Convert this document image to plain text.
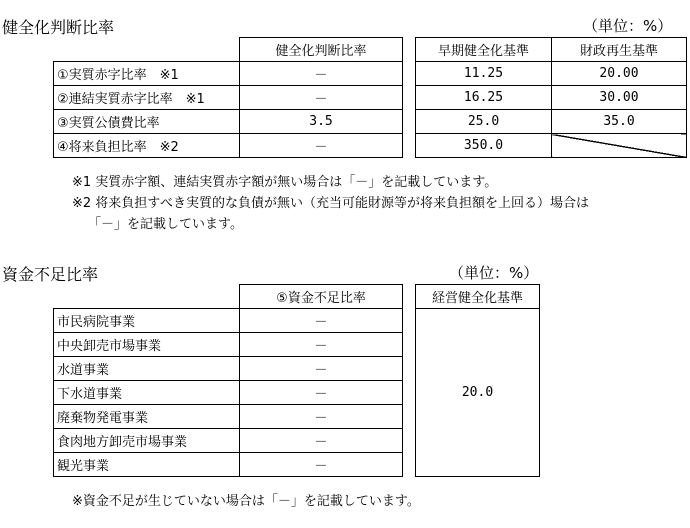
健全化判断比率	（単位：%）
	健全化判断比率		早期健全化基準	財政再生基準
①実質赤字比率　※1	－		11.25	20.00
②連結実質赤字比率　※1	－		16.25	30.00
③実質公債費比率	3.5		25.0	35.0
④将来負担比率　※2	－		350.0	
※1 実質赤字額、連結実質赤字額が無い場合は「－」を記載しています。
※2 将来負担すべき実質的な負債が無い（充当可能財源等が将来負担額を上回る）場合は
「－」を記載しています。
資金不足比率	（単位：%）
	⑤資金不足比率		経営健全化基準
市民病院事業	－		20.0
中央卸売市場事業	－		
水道事業	－		
下水道事業	－		
廃棄物発電事業	－		
食肉地方卸売市場事業	－		
観光事業	－		
※資金不足が生じていない場合は「－」を記載しています。
